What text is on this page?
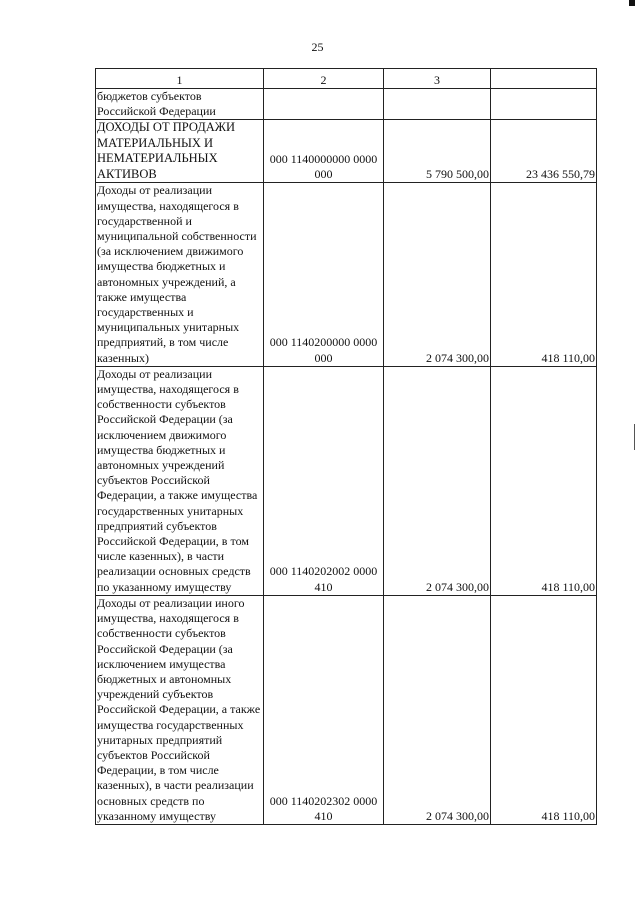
25
1	2	3	
бюджетов субъектов Российской Федерации			
ДОХОДЫ ОТ ПРОДАЖИ МАТЕРИАЛЬНЫХ И НЕМАТЕРИАЛЬНЫХ АКТИВОВ	000 1140000000 0000 000	5 790 500,00	23 436 550,79
Доходы от реализации имущества, находящегося в государственной и муниципальной собственности (за исключением движимого имущества бюджетных и автономных учреждений, а также имущества государственных и муниципальных унитарных предприятий, в том числе казенных)	000 1140200000 0000 000	2 074 300,00	418 110,00
Доходы от реализации имущества, находящегося в собственности субъектов Российской Федерации (за исключением движимого имущества бюджетных и автономных учреждений субъектов Российской Федерации, а также имущества государственных унитарных предприятий субъектов Российской Федерации, в том числе казенных), в части реализации основных средств по указанному имуществу	000 1140202002 0000 410	2 074 300,00	418 110,00
Доходы от реализации иного имущества, находящегося в собственности субъектов Российской Федерации (за исключением имущества бюджетных и автономных учреждений субъектов Российской Федерации, а также имущества государственных унитарных предприятий субъектов Российской Федерации, в том числе казенных), в части реализации основных средств по указанному имуществу	000 1140202302 0000 410	2 074 300,00	418 110,00
